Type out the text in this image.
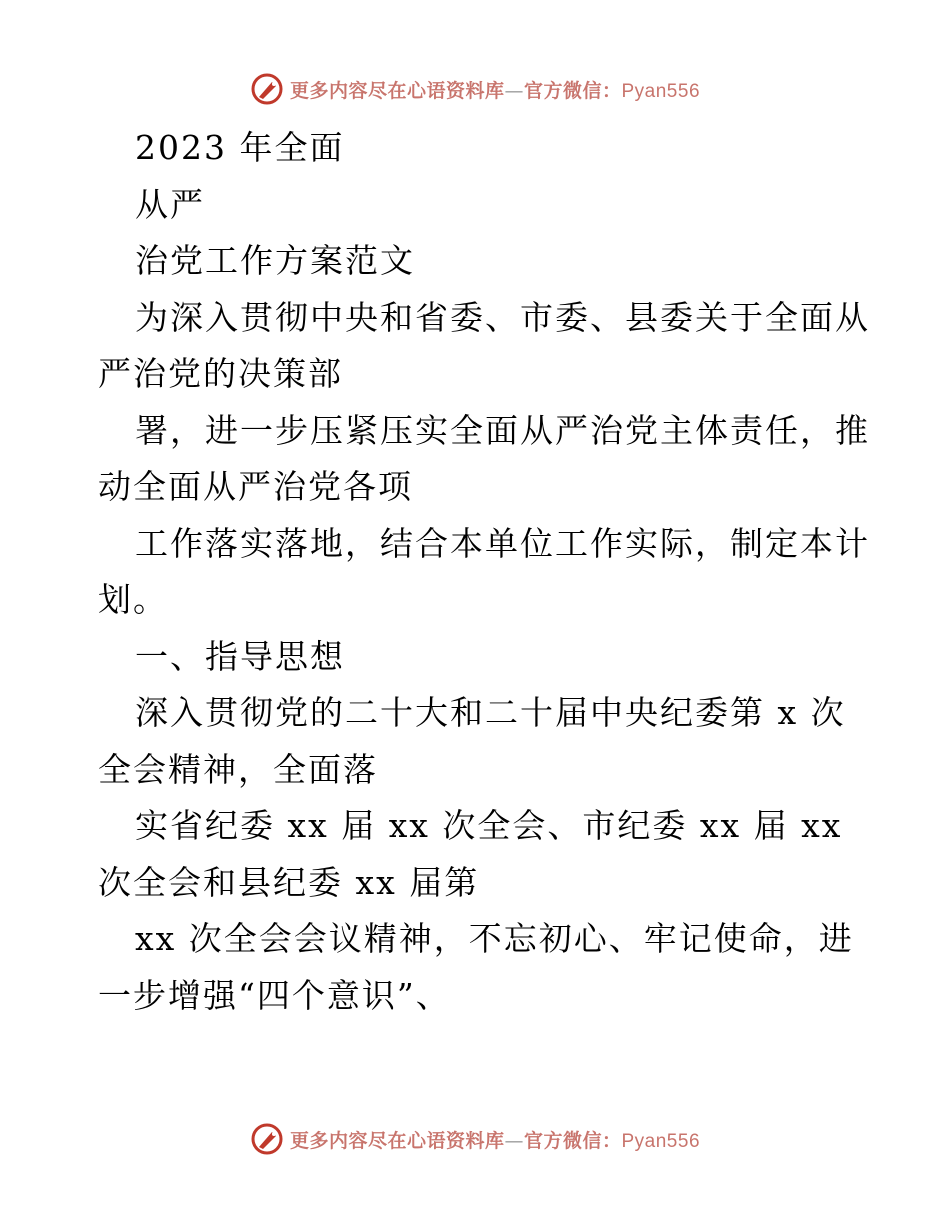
更多内容尽在心语资料库—官方微信：Pyan556
2023 年全面
从严
治党工作方案范文
为深入贯彻中央和省委、市委、县委关于全面从
严治党的决策部
署，进一步压紧压实全面从严治党主体责任，推
动全面从严治党各项
工作落实落地，结合本单位工作实际，制定本计
划。
一、指导思想
深入贯彻党的二十大和二十届中央纪委第 x 次
全会精神，全面落
实省纪委 xx 届 xx 次全会、市纪委 xx 届 xx
次全会和县纪委 xx 届第
xx 次全会会议精神，不忘初心、牢记使命，进
一步增强“四个意识”、
更多内容尽在心语资料库—官方微信：Pyan556
